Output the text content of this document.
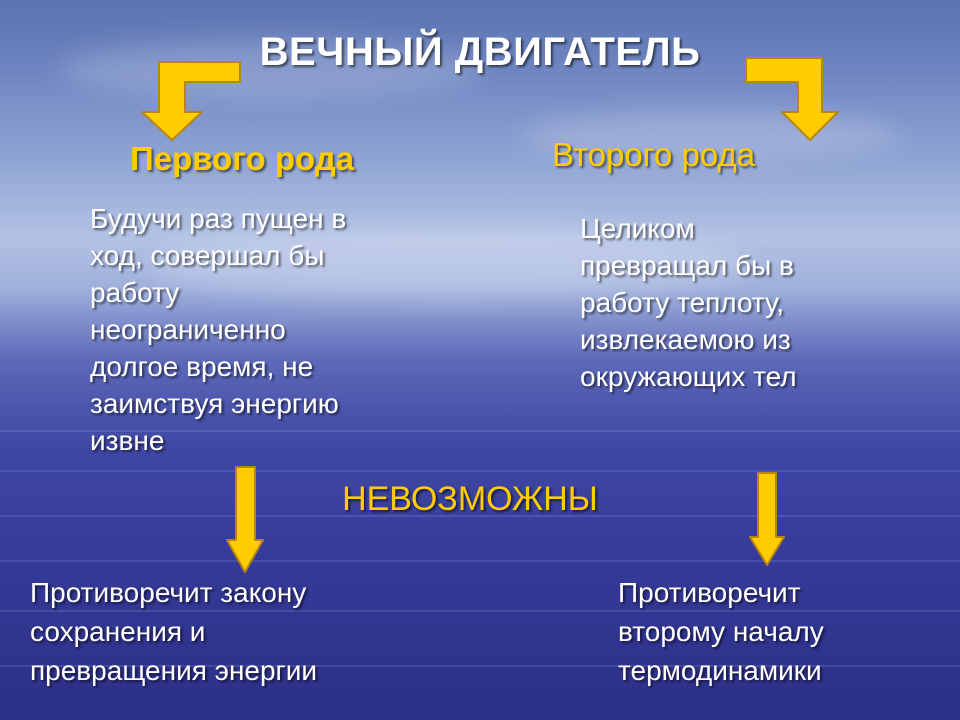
ВЕЧНЫЙ ДВИГАТЕЛЬ

Первого рода	Второго рода

Будучи раз пущен в
ход, совершал бы
работу
неограниченно
долгое время, не
заимствуя энергию
извне

Целиком
превращал бы в
работу теплоту,
извлекаемою из
окружающих тел

НЕВОЗМОЖНЫ

Противоречит закону
сохранения и
превращения энергии

Противоречит
второму началу
термодинамики
